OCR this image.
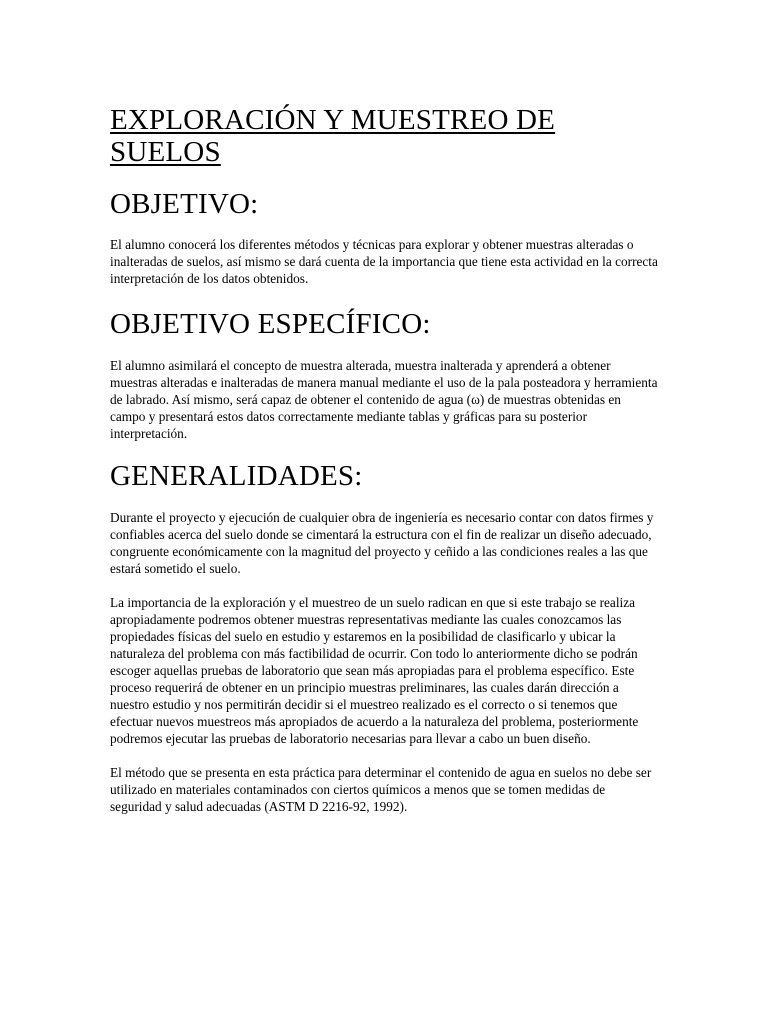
EXPLORACIÓN Y MUESTREO DE SUELOS
OBJETIVO:

El alumno conocerá los diferentes métodos y técnicas para explorar y obtener muestras alteradas o inalteradas de suelos, así mismo se dará cuenta de la importancia que tiene esta actividad en la correcta interpretación de los datos obtenidos.

OBJETIVO ESPECÍFICO:

El alumno asimilará el concepto de muestra alterada, muestra inalterada y aprenderá a obtener muestras alteradas e inalteradas de manera manual mediante el uso de la pala posteadora y herramienta de labrado. Así mismo, será capaz de obtener el contenido de agua (ω) de muestras obtenidas en campo y presentará estos datos correctamente mediante tablas y gráficas para su posterior interpretación.

GENERALIDADES:

Durante el proyecto y ejecución de cualquier obra de ingeniería es necesario contar con datos firmes y confiables acerca del suelo donde se cimentará la estructura con el fin de realizar un diseño adecuado, congruente económicamente con la magnitud del proyecto y ceñido a las condiciones reales a las que estará sometido el suelo.

La importancia de la exploración y el muestreo de un suelo radican en que si este trabajo se realiza apropiadamente podremos obtener muestras representativas mediante las cuales conozcamos las propiedades físicas del suelo en estudio y estaremos en la posibilidad de clasificarlo y ubicar la naturaleza del problema con más factibilidad de ocurrir. Con todo lo anteriormente dicho se podrán escoger aquellas pruebas de laboratorio que sean más apropiadas para el problema específico. Este proceso requerirá de obtener en un principio muestras preliminares, las cuales darán dirección a nuestro estudio y nos permitirán decidir si el muestreo realizado es el correcto o si tenemos que efectuar nuevos muestreos más apropiados de acuerdo a la naturaleza del problema, posteriormente podremos ejecutar las pruebas de laboratorio necesarias para llevar a cabo un buen diseño.

El método que se presenta en esta práctica para determinar el contenido de agua en suelos no debe ser utilizado en materiales contaminados con ciertos químicos a menos que se tomen medidas de seguridad y salud adecuadas (ASTM D 2216-92, 1992).
